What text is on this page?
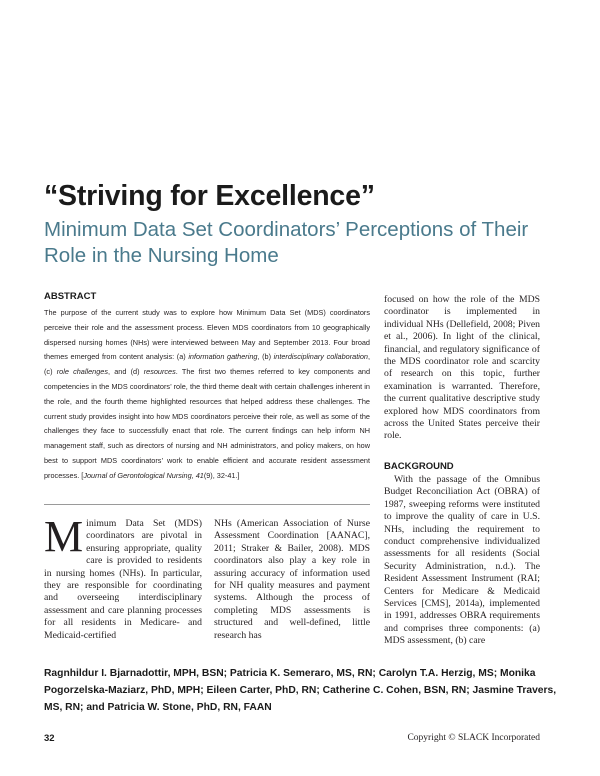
“Striving for Excellence”
Minimum Data Set Coordinators’ Perceptions of Their Role in the Nursing Home
ABSTRACT
The purpose of the current study was to explore how Minimum Data Set (MDS) coordinators perceive their role and the assessment process. Eleven MDS coordinators from 10 geographically dispersed nursing homes (NHs) were interviewed between May and September 2013. Four broad themes emerged from content analysis: (a) information gathering, (b) interdisciplinary collaboration, (c) role challenges, and (d) resources. The first two themes referred to key components and competencies in the MDS coordinators’ role, the third theme dealt with certain challenges inherent in the role, and the fourth theme highlighted resources that helped address these challenges. The current study provides insight into how MDS coordinators perceive their role, as well as some of the challenges they face to successfully enact that role. The current findings can help inform NH management staff, such as directors of nursing and NH administrators, and policy makers, on how best to support MDS coordinators’ work to enable efficient and accurate resident assessment processes. [Journal of Gerontological Nursing, 41(9), 32-41.]
Minimum Data Set (MDS) coordinators are pivotal in ensuring appropriate, quality care is provided to residents in nursing homes (NHs). In particular, they are responsible for coordinating and overseeing interdisciplinary assessment and care planning processes for all residents in Medicare- and Medicaid-certified
NHs (American Association of Nurse Assessment Coordination [AANAC], 2011; Straker & Bailer, 2008). MDS coordinators also play a key role in assuring accuracy of information used for NH quality measures and payment systems. Although the process of completing MDS assessments is structured and well-defined, little research has
focused on how the role of the MDS coordinator is implemented in individual NHs (Dellefield, 2008; Piven et al., 2006). In light of the clinical, financial, and regulatory significance of the MDS coordinator role and scarcity of research on this topic, further examination is warranted. Therefore, the current qualitative descriptive study explored how MDS coordinators from across the United States perceive their role.
BACKGROUND
With the passage of the Omnibus Budget Reconciliation Act (OBRA) of 1987, sweeping reforms were instituted to improve the quality of care in U.S. NHs, including the requirement to conduct comprehensive individualized assessments for all residents (Social Security Administration, n.d.). The Resident Assessment Instrument (RAI; Centers for Medicare & Medicaid Services [CMS], 2014a), implemented in 1991, addresses OBRA requirements and comprises three components: (a) MDS assessment, (b) care
Ragnhildur I. Bjarnadottir, MPH, BSN; Patricia K. Semeraro, MS, RN; Carolyn T.A. Herzig, MS; Monika Pogorzelska-Maziarz, PhD, MPH; Eileen Carter, PhD, RN; Catherine C. Cohen, BSN, RN; Jasmine Travers, MS, RN; and Patricia W. Stone, PhD, RN, FAAN
32	Copyright © SLACK Incorporated
